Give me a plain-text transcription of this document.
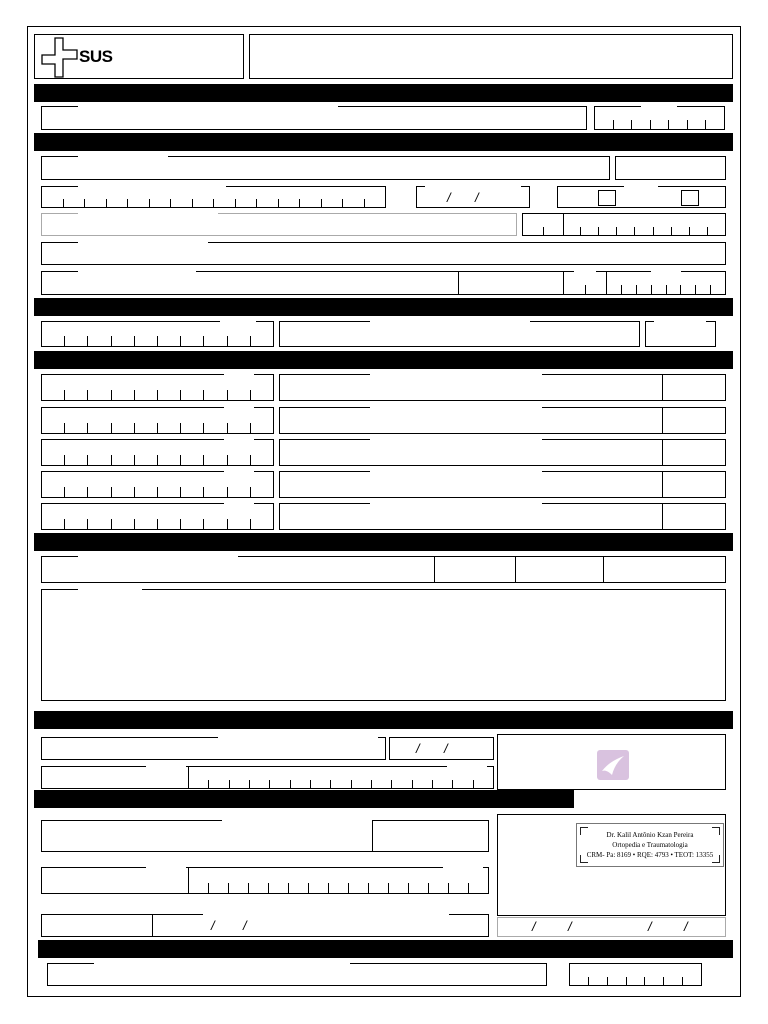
SUS
/ /
/ /
Dr. Kalil Antônio Kzan Pereira
Ortopedia e Traumatologia
CRM- Pa: 8169 • RQE: 4793 • TEOT: 13355
/ /	/ /	/ /
